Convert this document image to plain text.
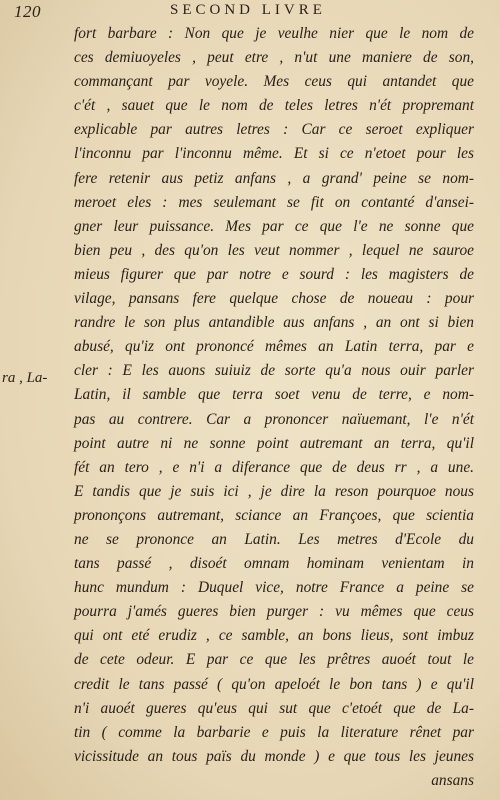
120	SECOND LIVRE
ra , La-
fort barbare : Non que je veulhe nier que le nom de
ces demiuoyeles , peut etre , n'ut une maniere de son,
commançant par voyele. Mes ceus qui antandet que
c'ét , sauet que le nom de teles letres n'ét propremant
explicable par autres letres : Car ce seroet expliquer
l'inconnu par l'inconnu même. Et si ce n'etoet pour les
fere retenir aus petiz anfans , a grand' peine se nom-
meroet eles : mes seulemant se fit on contanté d'ansei-
gner leur puissance. Mes par ce que l'e ne sonne que
bien peu , des qu'on les veut nommer , lequel ne sauroe
mieus figurer que par notre e sourd : les magisters de
vilage, pansans fere quelque chose de noueau : pour
randre le son plus antandible aus anfans , an ont si bien
abusé, qu'iz ont prononcé mêmes an Latin terra, par e
cler : E les auons suiuiz de sorte qu'a nous ouir parler
Latin, il samble que terra soet venu de terre, e nom-
pas au contrere. Car a prononcer naïuemant, l'e n'ét
point autre ni ne sonne point autremant an terra, qu'il
fét an tero , e n'i a diferance que de deus rr , a une.
E tandis que je suis ici , je dire la reson pourquoe nous
prononçons autremant, sciance an Françoes, que scientia
ne se prononce an Latin. Les metres d'Ecole du
tans passé , disoét omnam hominam venientam in
hunc mundum : Duquel vice, notre France a peine se
pourra j'amés gueres bien purger : vu mêmes que ceus
qui ont eté erudiz , ce samble, an bons lieus, sont imbuz
de cete odeur. E par ce que les prêtres auoét tout le
credit le tans passé ( qu'on apeloét le bon tans ) e qu'il
n'i auoét gueres qu'eus qui sut que c'etoét que de La-
tin ( comme la barbarie e puis la literature rênet par
vicissitude an tous païs du monde ) e que tous les jeunes
ansans
